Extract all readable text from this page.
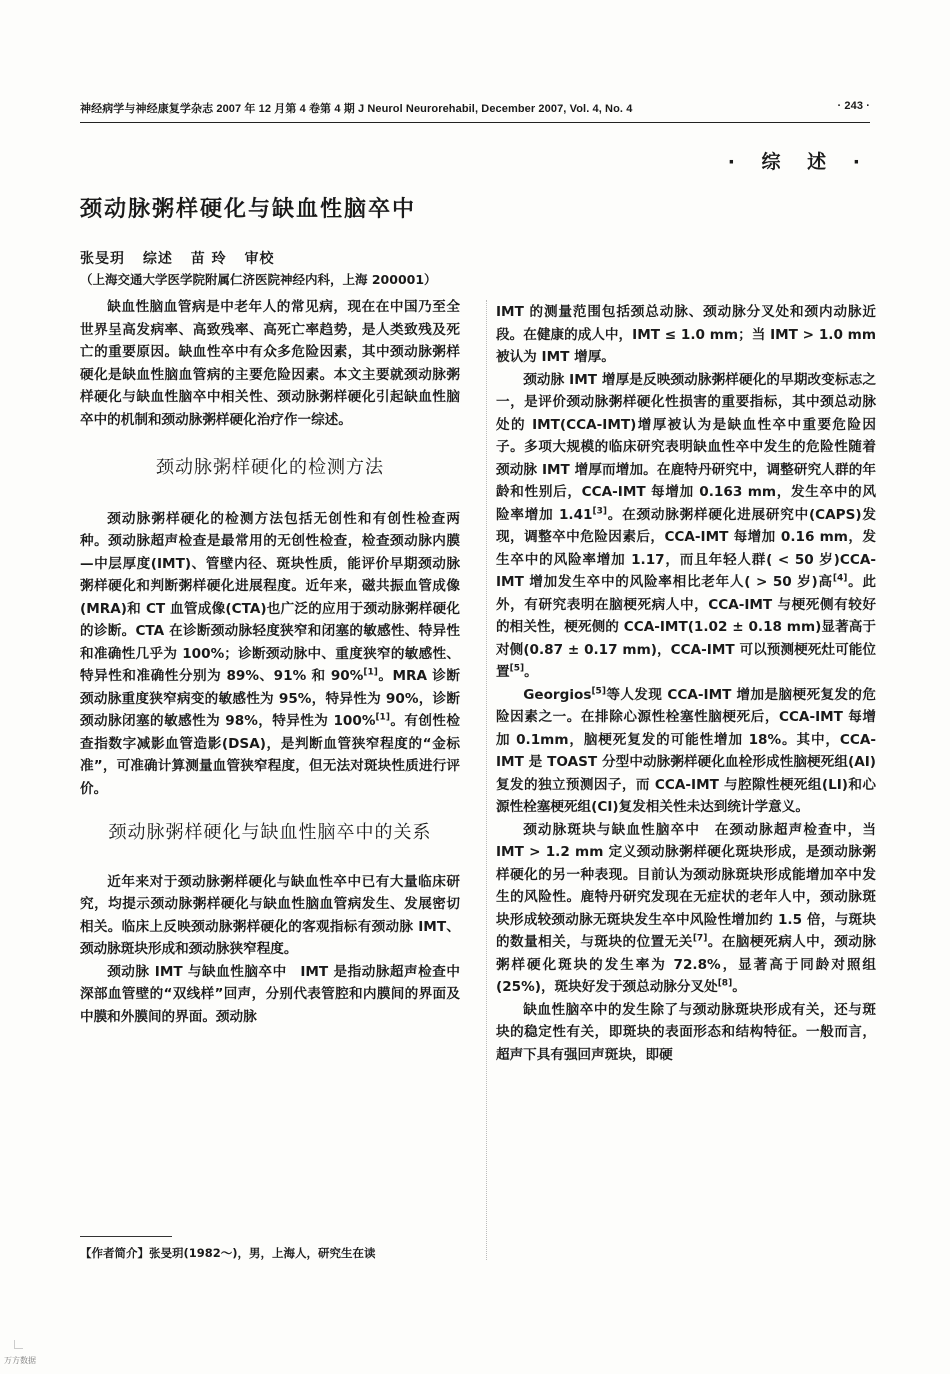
神经病学与神经康复学杂志 2007 年 12 月第 4 卷第 4 期 J Neurol Neurorehabil, December 2007, Vol. 4, No. 4	· 243 ·
· 综 述 ·
颈动脉粥样硬化与缺血性脑卒中
张旻玥 综述 苗 玲 审校
（上海交通大学医学院附属仁济医院神经内科，上海 200001）

缺血性脑血管病是中老年人的常见病，现在在中国乃至全世界呈高发病率、高致残率、高死亡率趋势，是人类致残及死亡的重要原因。缺血性卒中有众多危险因素，其中颈动脉粥样硬化是缺血性脑血管病的主要危险因素。本文主要就颈动脉粥样硬化与缺血性脑卒中相关性、颈动脉粥样硬化引起缺血性脑卒中的机制和颈动脉粥样硬化治疗作一综述。

颈动脉粥样硬化的检测方法

颈动脉粥样硬化的检测方法包括无创性和有创性检查两种。颈动脉超声检查是最常用的无创性检查，检查颈动脉内膜—中层厚度(IMT)、管壁内径、斑块性质，能评价早期颈动脉粥样硬化和判断粥样硬化进展程度。近年来，磁共振血管成像(MRA)和 CT 血管成像(CTA)也广泛的应用于颈动脉粥样硬化的诊断。CTA 在诊断颈动脉轻度狭窄和闭塞的敏感性、特异性和准确性几乎为 100%；诊断颈动脉中、重度狭窄的敏感性、特异性和准确性分别为 89%、91% 和 90%[1]。MRA 诊断颈动脉重度狭窄病变的敏感性为 95%，特异性为 90%，诊断颈动脉闭塞的敏感性为 98%，特异性为 100%[1]。有创性检查指数字减影血管造影(DSA)，是判断血管狭窄程度的“金标准”，可准确计算测量血管狭窄程度，但无法对斑块性质进行评价。

颈动脉粥样硬化与缺血性脑卒中的关系

近年来对于颈动脉粥样硬化与缺血性卒中已有大量临床研究，均提示颈动脉粥样硬化与缺血性脑血管病发生、发展密切相关。临床上反映颈动脉粥样硬化的客观指标有颈动脉 IMT、颈动脉斑块形成和颈动脉狭窄程度。

颈动脉 IMT 与缺血性脑卒中  IMT 是指动脉超声检查中深部血管壁的“双线样”回声，分别代表管腔和内膜间的界面及中膜和外膜间的界面。颈动脉

IMT 的测量范围包括颈总动脉、颈动脉分叉处和颈内动脉近段。在健康的成人中，IMT ≤ 1.0 mm；当 IMT > 1.0 mm 被认为 IMT 增厚。

颈动脉 IMT 增厚是反映颈动脉粥样硬化的早期改变标志之一，是评价颈动脉粥样硬化性损害的重要指标，其中颈总动脉处的 IMT(CCA-IMT)增厚被认为是缺血性卒中重要危险因子。多项大规模的临床研究表明缺血性卒中发生的危险性随着颈动脉 IMT 增厚而增加。在鹿特丹研究中，调整研究人群的年龄和性别后，CCA-IMT 每增加 0.163 mm，发生卒中的风险率增加 1.41[3]。在颈动脉粥样硬化进展研究中(CAPS)发现，调整卒中危险因素后，CCA-IMT 每增加 0.16 mm，发生卒中的风险率增加 1.17，而且年轻人群( < 50 岁)CCA-IMT 增加发生卒中的风险率相比老年人( > 50 岁)高[4]。此外，有研究表明在脑梗死病人中，CCA-IMT 与梗死侧有较好的相关性，梗死侧的 CCA-IMT(1.02 ± 0.18 mm)显著高于对侧(0.87 ± 0.17 mm)，CCA-IMT 可以预测梗死灶可能位置[5]。

Georgios[5]等人发现 CCA-IMT 增加是脑梗死复发的危险因素之一。在排除心源性栓塞性脑梗死后，CCA-IMT 每增加 0.1mm，脑梗死复发的可能性增加 18%。其中，CCA-IMT 是 TOAST 分型中动脉粥样硬化血栓形成性脑梗死组(AI)复发的独立预测因子，而 CCA-IMT 与腔隙性梗死组(LI)和心源性栓塞梗死组(CI)复发相关性未达到统计学意义。

颈动脉斑块与缺血性脑卒中  在颈动脉超声检查中，当 IMT > 1.2 mm 定义颈动脉粥样硬化斑块形成，是颈动脉粥样硬化的另一种表现。目前认为颈动脉斑块形成能增加卒中发生的风险性。鹿特丹研究发现在无症状的老年人中，颈动脉斑块形成较颈动脉无斑块发生卒中风险性增加约 1.5 倍，与斑块的数量相关，与斑块的位置无关[7]。在脑梗死病人中，颈动脉粥样硬化斑块的发生率为 72.8%，显著高于同龄对照组(25%)，斑块好发于颈总动脉分叉处[8]。

缺血性脑卒中的发生除了与颈动脉斑块形成有关，还与斑块的稳定性有关，即斑块的表面形态和结构特征。一般而言，超声下具有强回声斑块，即硬

【作者简介】张旻玥(1982～)，男，上海人，研究生在读
万方数据
